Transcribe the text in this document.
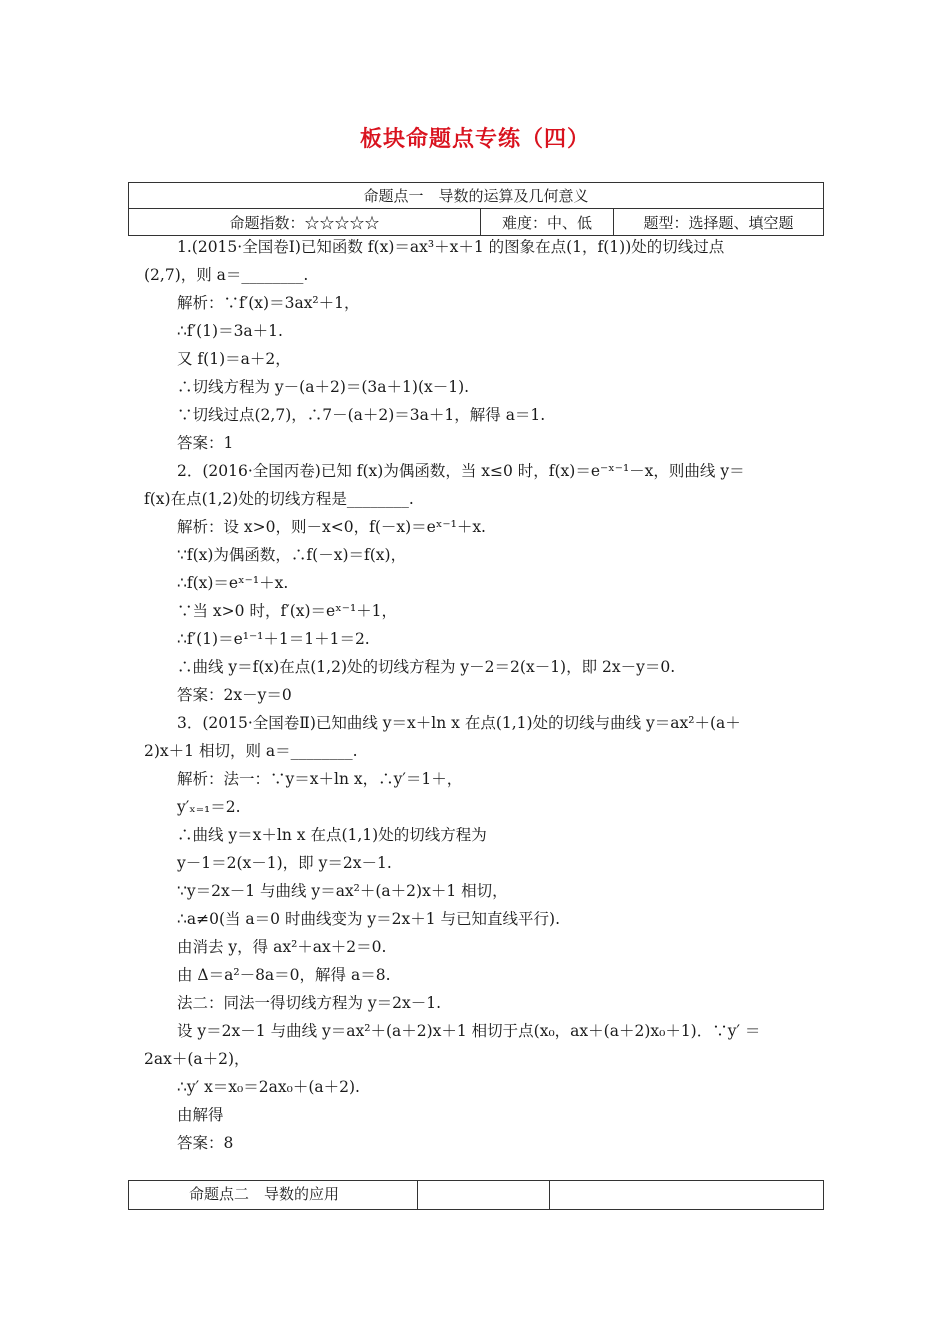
板块命题点专练（四）
命题点一　导数的运算及几何意义
命题指数：☆☆☆☆☆	难度：中、低	题型：选择题、填空题
1.(2015·全国卷Ⅰ)已知函数 f(x)＝ax³＋x＋1 的图象在点(1，f(1))处的切线过点
(2,7)，则 a＝________.
解析：∵f′(x)＝3ax²＋1，
∴f′(1)＝3a＋1.
又 f(1)＝a＋2，
∴切线方程为 y－(a＋2)＝(3a＋1)(x－1).
∵切线过点(2,7)，∴7－(a＋2)＝3a＋1，解得 a＝1.
答案：1
2．(2016·全国丙卷)已知 f(x)为偶函数，当 x≤0 时，f(x)＝e⁻ˣ⁻¹－x，则曲线 y＝
f(x)在点(1,2)处的切线方程是________.
解析：设 x>0，则－x<0，f(－x)＝eˣ⁻¹＋x.
∵f(x)为偶函数，∴f(－x)＝f(x)，
∴f(x)＝eˣ⁻¹＋x.
∵当 x>0 时，f′(x)＝eˣ⁻¹＋1，
∴f′(1)＝e¹⁻¹＋1＝1＋1＝2.
∴曲线 y＝f(x)在点(1,2)处的切线方程为 y－2＝2(x－1)，即 2x－y＝0.
答案：2x－y＝0
3．(2015·全国卷Ⅱ)已知曲线 y＝x＋ln x 在点(1,1)处的切线与曲线 y＝ax²＋(a＋
2)x＋1 相切，则 a＝________.
解析：法一：∵y＝x＋ln x，∴y′＝1＋，
y′ₓ₌₁＝2.
∴曲线 y＝x＋ln x 在点(1,1)处的切线方程为
y－1＝2(x－1)，即 y＝2x－1.
∵y＝2x－1 与曲线 y＝ax²＋(a＋2)x＋1 相切，
∴a≠0(当 a＝0 时曲线变为 y＝2x＋1 与已知直线平行).
由消去 y，得 ax²＋ax＋2＝0.
由 Δ＝a²－8a＝0，解得 a＝8.
法二：同法一得切线方程为 y＝2x－1.
设 y＝2x－1 与曲线 y＝ax²＋(a＋2)x＋1 相切于点(x₀，ax＋(a＋2)x₀＋1)．∵y′ ＝
2ax＋(a＋2)，
∴y′ x＝x₀＝2ax₀＋(a＋2).
由解得
答案：8
命题点二　导数的应用
